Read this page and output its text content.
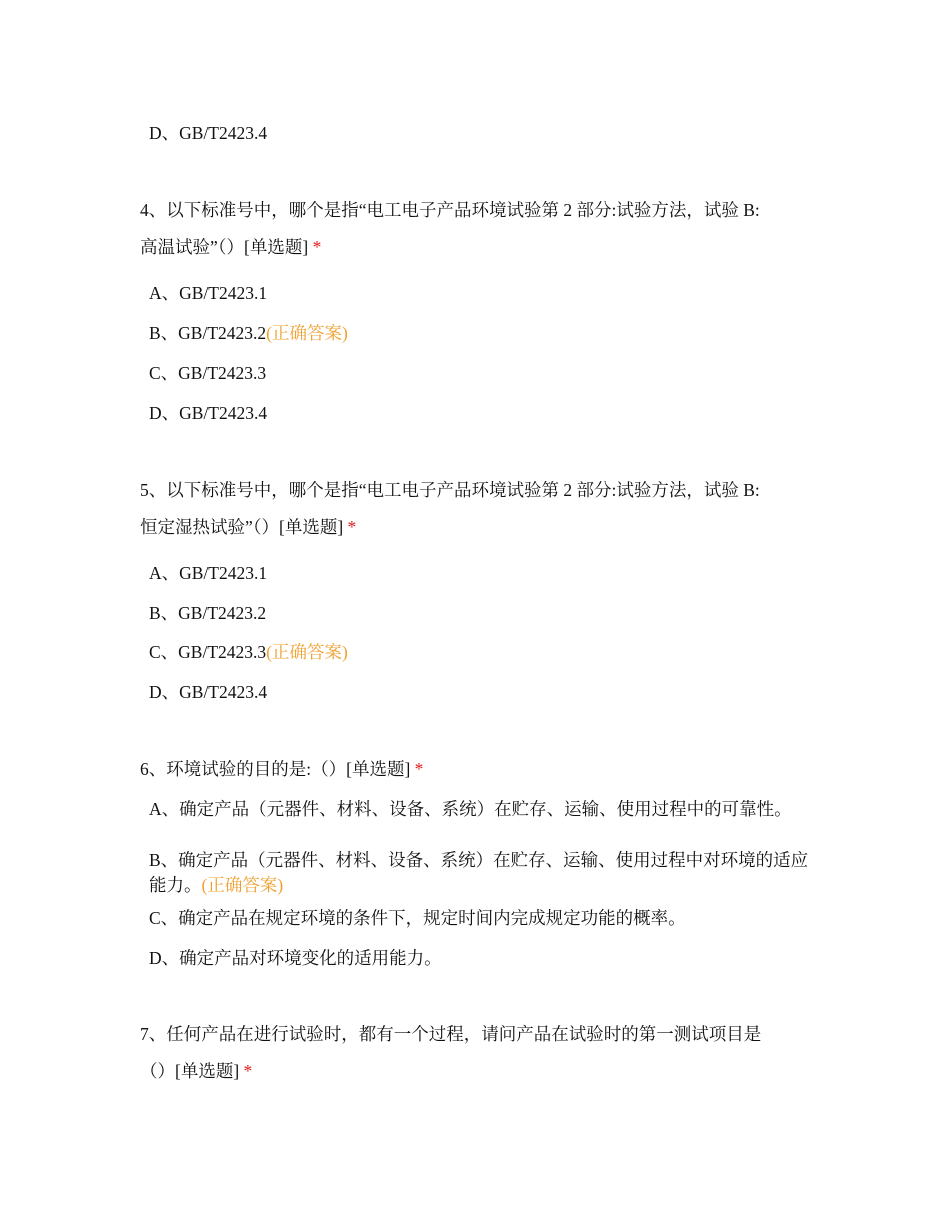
D、GB/T2423.4

4、以下标准号中，哪个是指“电工电子产品环境试验第 2 部分:试验方法，试验 B:
高温试验”（）[单选题] *

A、GB/T2423.1

B、GB/T2423.2(正确答案)

C、GB/T2423.3

D、GB/T2423.4

5、以下标准号中，哪个是指“电工电子产品环境试验第 2 部分:试验方法，试验 B:
恒定湿热试验”（）[单选题] *

A、GB/T2423.1

B、GB/T2423.2

C、GB/T2423.3(正确答案)

D、GB/T2423.4

6、环境试验的目的是:（）[单选题] *

A、确定产品（元器件、材料、设备、系统）在贮存、运输、使用过程中的可靠性。

B、确定产品（元器件、材料、设备、系统）在贮存、运输、使用过程中对环境的适应能力。(正确答案)

C、确定产品在规定环境的条件下，规定时间内完成规定功能的概率。

D、确定产品对环境变化的适用能力。

7、任何产品在进行试验时，都有一个过程，请问产品在试验时的第一测试项目是
（）[单选题] *
